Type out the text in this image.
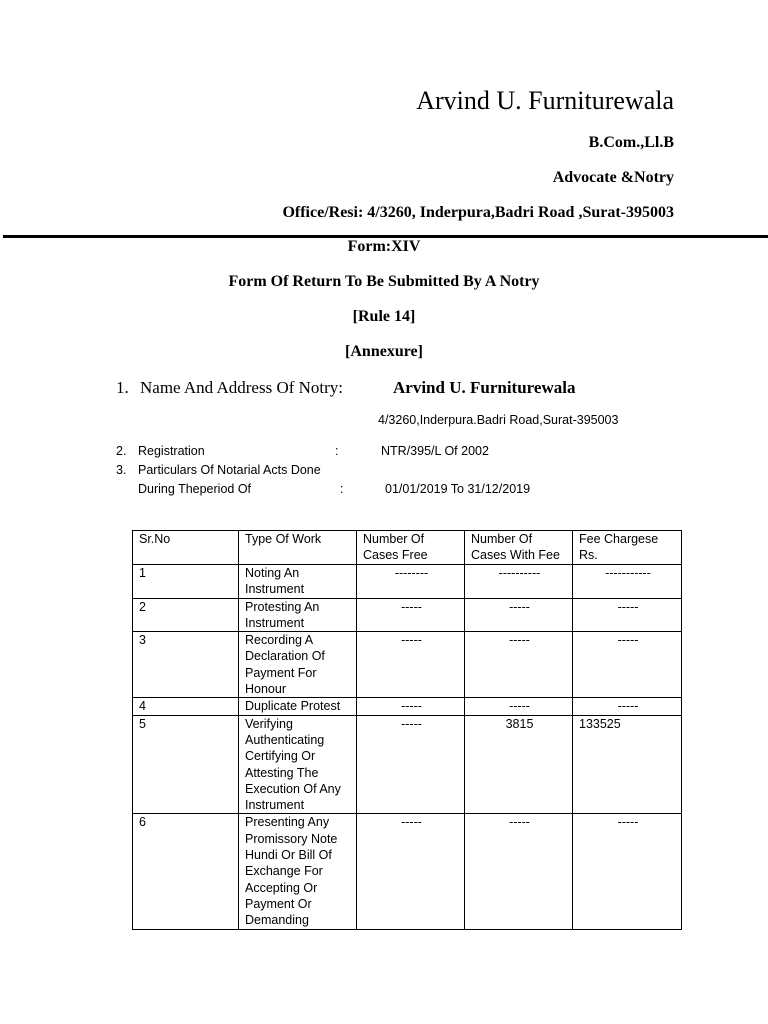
Arvind U. Furniturewala
B.Com.,Ll.B
Advocate &Notry
Office/Resi: 4/3260, Inderpura,Badri Road ,Surat-395003
Form:XIV
Form Of Return To Be Submitted By A Notry
[Rule 14]
[Annexure]
1. Name And Address Of Notry:	Arvind U. Furniturewala
4/3260,Inderpura.Badri Road,Surat-395003
2. Registration	:	NTR/395/L Of 2002
3. Particulars Of Notarial Acts Done
During Theperiod Of	:	01/01/2019 To 31/12/2019
Sr.No	Type Of Work	Number Of Cases Free	Number Of Cases With Fee	Fee Chargese Rs.
1	Noting An Instrument	--------	----------	-----------
2	Protesting An Instrument	-----	-----	-----
3	Recording A Declaration Of Payment For Honour	-----	-----	-----
4	Duplicate Protest	-----	-----	-----
5	Verifying Authenticating Certifying Or Attesting The Execution Of Any Instrument	-----	3815	133525
6	Presenting Any Promissory Note Hundi Or Bill Of Exchange For Accepting Or Payment Or Demanding	-----	-----	-----
